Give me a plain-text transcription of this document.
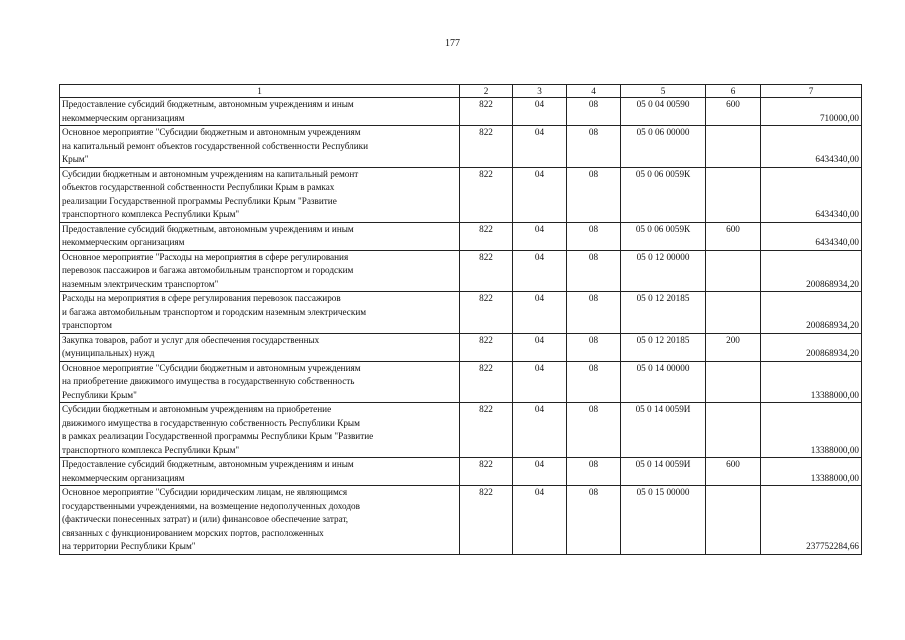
177
1	2	3	4	5	6	7
Предоставление субсидий бюджетным, автономным учреждениям и иным
некоммерческим организациям	822	04	08	05 0 04 00590	600	710000,00
Основное мероприятие "Субсидии бюджетным и автономным учреждениям
на капитальный ремонт объектов государственной собственности Республики
Крым"	822	04	08	05 0 06 00000		6434340,00
Субсидии бюджетным и автономным учреждениям на капитальный ремонт
объектов государственной собственности Республики Крым в рамках
реализации Государственной программы Республики Крым "Развитие
транспортного комплекса Республики Крым"	822	04	08	05 0 06 0059К		6434340,00
Предоставление субсидий бюджетным, автономным учреждениям и иным
некоммерческим организациям	822	04	08	05 0 06 0059К	600	6434340,00
Основное мероприятие "Расходы на мероприятия в сфере регулирования
перевозок пассажиров и багажа автомобильным транспортом и городским
наземным электрическим транспортом"	822	04	08	05 0 12 00000		200868934,20
Расходы на мероприятия в сфере регулирования перевозок пассажиров
и багажа автомобильным транспортом и городским наземным электрическим
транспортом	822	04	08	05 0 12 20185		200868934,20
Закупка товаров, работ и услуг для обеспечения государственных
(муниципальных) нужд	822	04	08	05 0 12 20185	200	200868934,20
Основное мероприятие "Субсидии бюджетным и автономным учреждениям
на приобретение движимого имущества в государственную собственность
Республики Крым"	822	04	08	05 0 14 00000		13388000,00
Субсидии бюджетным и автономным учреждениям на приобретение
движимого имущества в государственную собственность Республики Крым
в рамках реализации Государственной программы Республики Крым "Развитие
транспортного комплекса Республики Крым"	822	04	08	05 0 14 0059И		13388000,00
Предоставление субсидий бюджетным, автономным учреждениям и иным
некоммерческим организациям	822	04	08	05 0 14 0059И	600	13388000,00
Основное мероприятие "Субсидии юридическим лицам, не являющимся
государственными учреждениями, на возмещение недополученных доходов
(фактически понесенных затрат) и (или) финансовое обеспечение затрат,
связанных с функционированием морских портов, расположенных
на территории Республики Крым"	822	04	08	05 0 15 00000		237752284,66
